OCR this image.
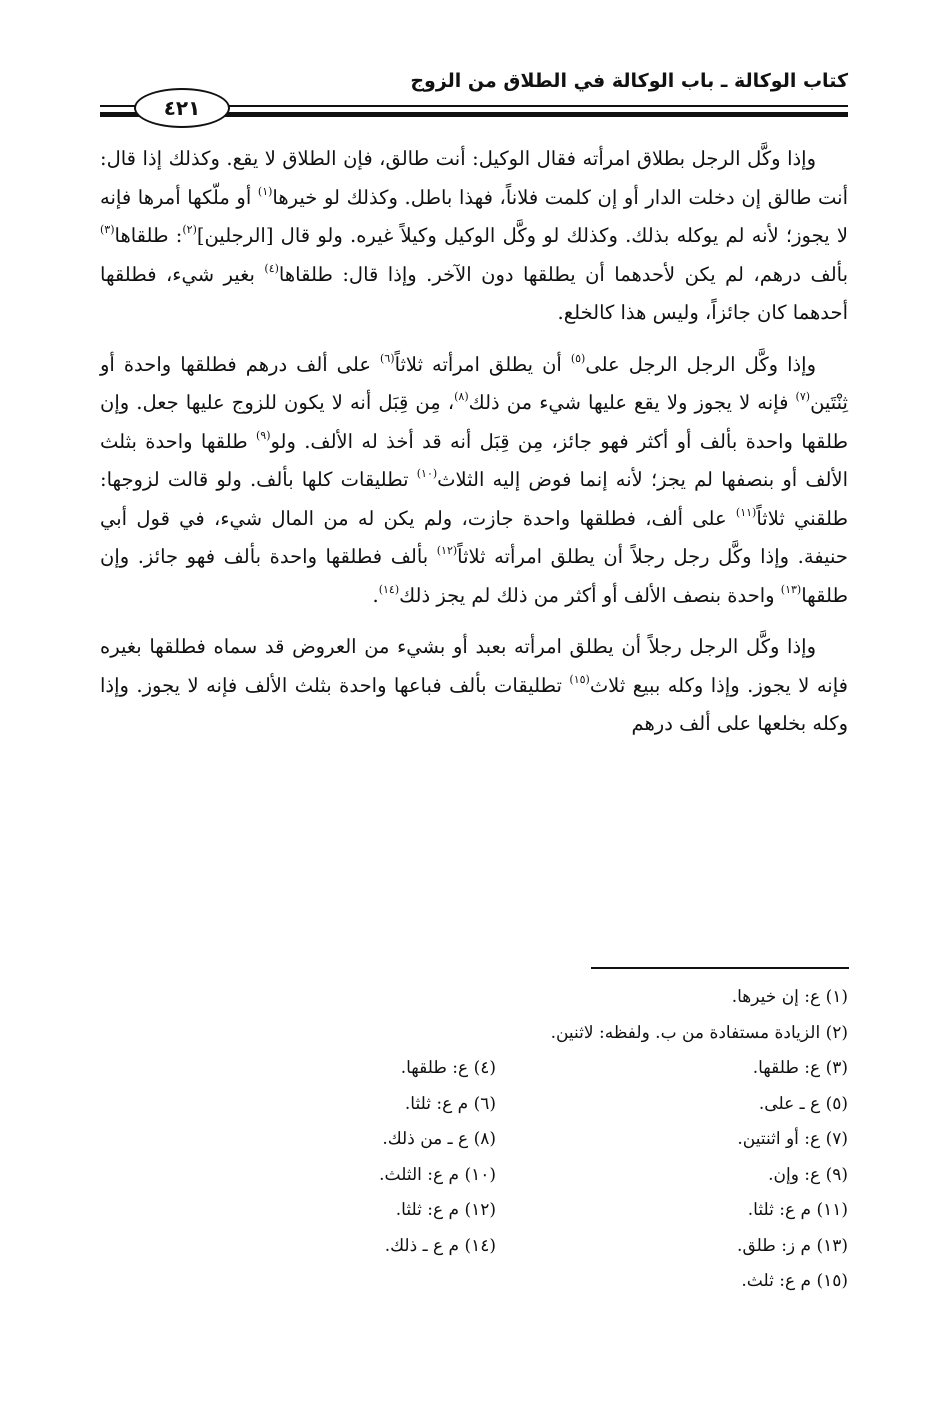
كتاب الوكالة ـ باب الوكالة في الطلاق من الزوج
٤٢١

وإذا وكَّل الرجل بطلاق امرأته فقال الوكيل: أنت طالق، فإن الطلاق لا يقع. وكذلك إذا قال: أنت طالق إن دخلت الدار أو إن كلمت فلاناً، فهذا باطل. وكذلك لو خيرها$^{(١)}$ أو ملّكها أمرها فإنه لا يجوز؛ لأنه لم يوكله بذلك. وكذلك لو وكَّل الوكيل وكيلاً غيره. ولو قال [الرجلين]$^{(٢)}$: طلقاها$^{(٣)}$ بألف درهم، لم يكن لأحدهما أن يطلقها دون الآخر. وإذا قال: طلقاها$^{(٤)}$ بغير شيء، فطلقها أحدهما كان جائزاً، وليس هذا كالخلع.

وإذا وكَّل الرجل الرجل على$^{(٥)}$ أن يطلق امرأته ثلاثاً$^{(٦)}$ على ألف درهم فطلقها واحدة أو ثِنْتَين$^{(٧)}$ فإنه لا يجوز ولا يقع عليها شيء من ذلك$^{(٨)}$، مِن قِبَل أنه لا يكون للزوج عليها جعل. وإن طلقها واحدة بألف أو أكثر فهو جائز، مِن قِبَل أنه قد أخذ له الألف. ولو$^{(٩)}$ طلقها واحدة بثلث الألف أو بنصفها لم يجز؛ لأنه إنما فوض إليه الثلاث$^{(١٠)}$ تطليقات كلها بألف. ولو قالت لزوجها: طلقني ثلاثاً$^{(١١)}$ على ألف، فطلقها واحدة جازت، ولم يكن له من المال شيء، في قول أبي حنيفة. وإذا وكَّل رجل رجلاً أن يطلق امرأته ثلاثاً$^{(١٢)}$ بألف فطلقها واحدة بألف فهو جائز. وإن طلقها$^{(١٣)}$ واحدة بنصف الألف أو أكثر من ذلك لم يجز ذلك$^{(١٤)}$.

وإذا وكَّل الرجل رجلاً أن يطلق امرأته بعبد أو بشيء من العروض قد سماه فطلقها بغيره فإنه لا يجوز. وإذا وكله ببيع ثلاث$^{(١٥)}$ تطليقات بألف فباعها واحدة بثلث الألف فإنه لا يجوز. وإذا وكله بخلعها على ألف درهم

(١) ع: إن خيرها.
(٢) الزيادة مستفادة من ب. ولفظه: لاثنين.
(٣) ع: طلقها.
(٤) ع: طلقها.
(٥) ع ـ على.
(٦) م ع: ثلثا.
(٧) ع: أو اثنتين.
(٨) ع ـ من ذلك.
(٩) ع: وإن.
(١٠) م ع: الثلث.
(١١) م ع: ثلثا.
(١٢) م ع: ثلثا.
(١٣) م ز: طلق.
(١٤) م ع ـ ذلك.
(١٥) م ع: ثلث.
